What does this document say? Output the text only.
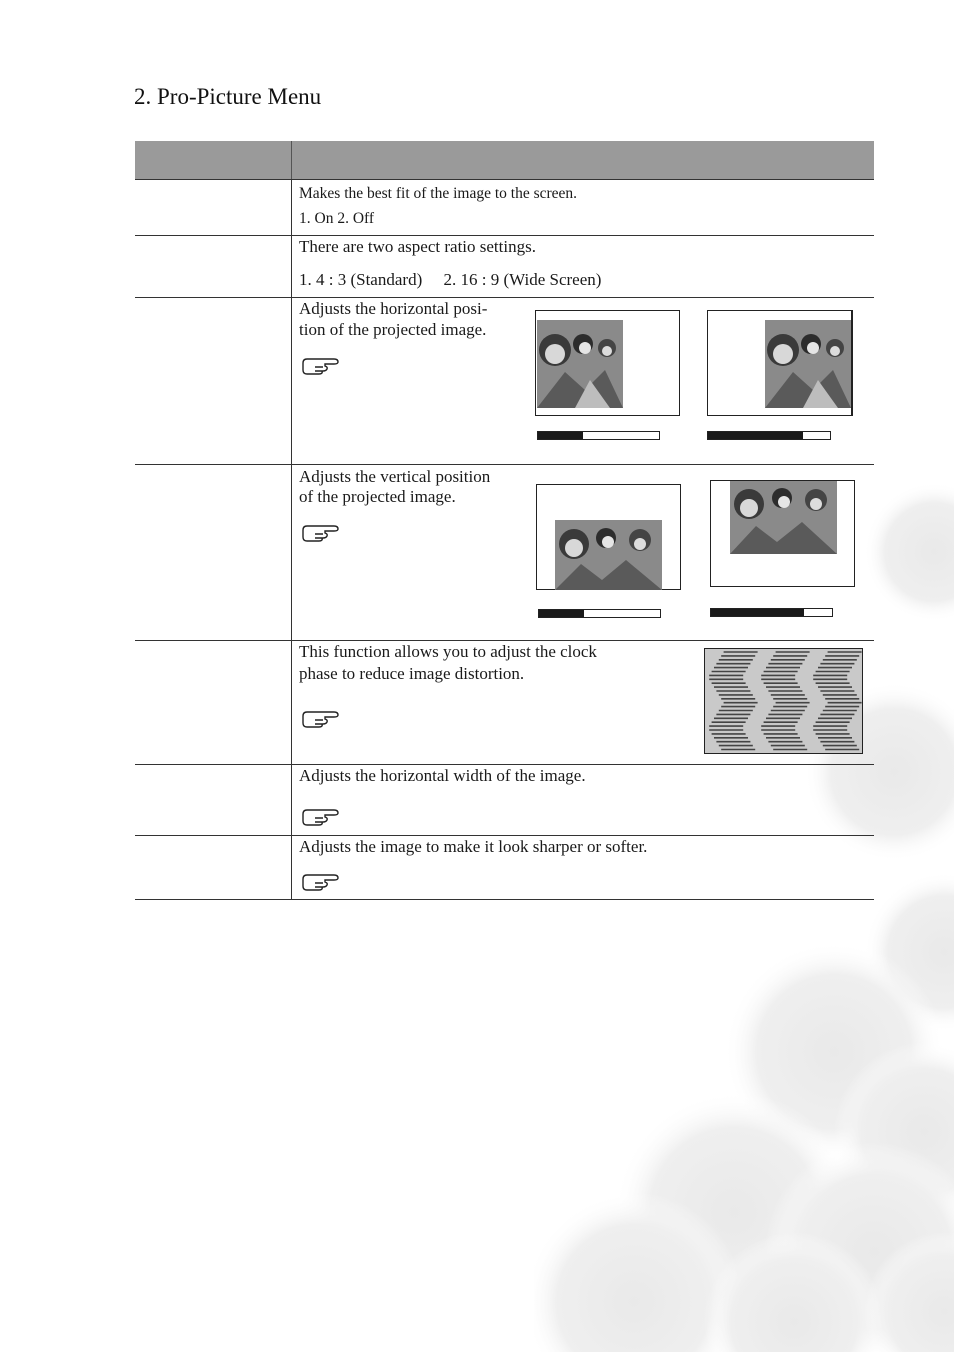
2. Pro-Picture Menu
Makes the best fit of the image to the screen.
1. On 2. Off
There are two aspect ratio settings.
1. 4 : 3 (Standard)     2. 16 : 9 (Wide Screen)
Adjusts the horizontal posi-
tion of the projected image.
Adjusts the vertical position
of the projected image.
This function allows you to adjust the clock
phase to reduce image distortion.
Adjusts the horizontal width of the image.
Adjusts the image to make it look sharper or softer.
